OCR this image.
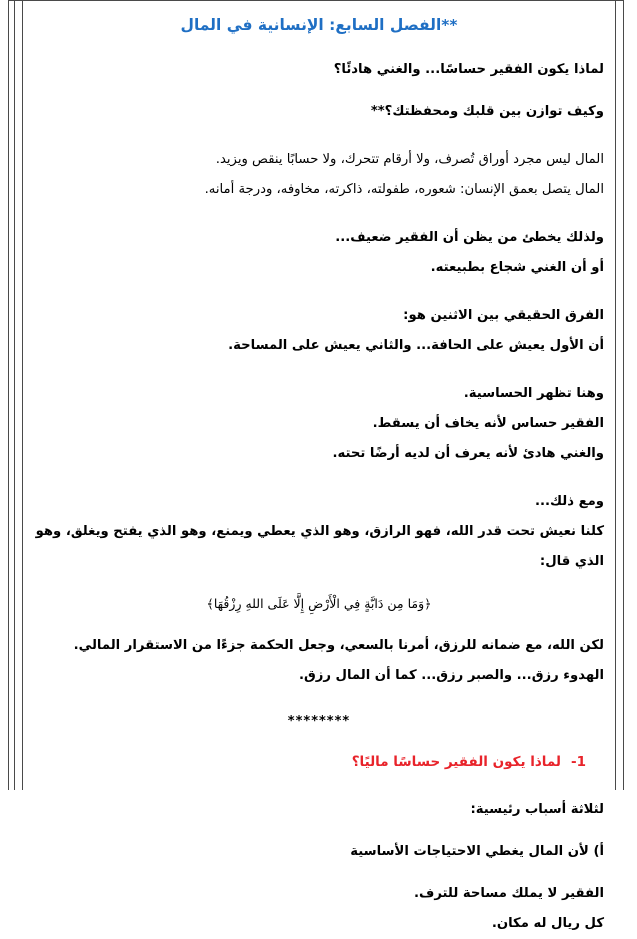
**الفصل السابع: الإنسانية في المال

لماذا يكون الفقير حساسًا... والغني هادئًا؟

وكيف توازن بين قلبك ومحفظتك؟**

المال ليس مجرد أوراق تُصرف، ولا أرقام تتحرك، ولا حسابًا ينقص ويزيد.

المال يتصل بعمق الإنسان: شعوره، طفولته، ذاكرته، مخاوفه، ودرجة أمانه.

ولذلك يخطئ من يظن أن الفقير ضعيف...

أو أن الغني شجاع بطبيعته.

الفرق الحقيقي بين الاثنين هو:

أن الأول يعيش على الحافة... والثاني يعيش على المساحة.

وهنا تظهر الحساسية.

الفقير حساس لأنه يخاف أن يسقط.

والغني هادئ لأنه يعرف أن لديه أرضًا تحته.

ومع ذلك...

كلنا نعيش تحت قدر الله، فهو الرازق، وهو الذي يعطي ويمنع، وهو الذي يفتح ويغلق، وهو الذي قال:

﴿وَمَا مِن دَابَّةٍ فِي الْأَرْضِ إِلَّا عَلَى اللهِ رِزْقُهَا﴾

لكن الله، مع ضمانه للرزق، أمرنا بالسعي، وجعل الحكمة جزءًا من الاستقرار المالي.

الهدوء رزق... والصبر رزق... كما أن المال رزق.

********

1-لماذا يكون الفقير حساسًا ماليًا؟

لثلاثة أسباب رئيسية:

أ) لأن المال يغطي الاحتياجات الأساسية

الفقير لا يملك مساحة للترف.

كل ريال له مكان.
